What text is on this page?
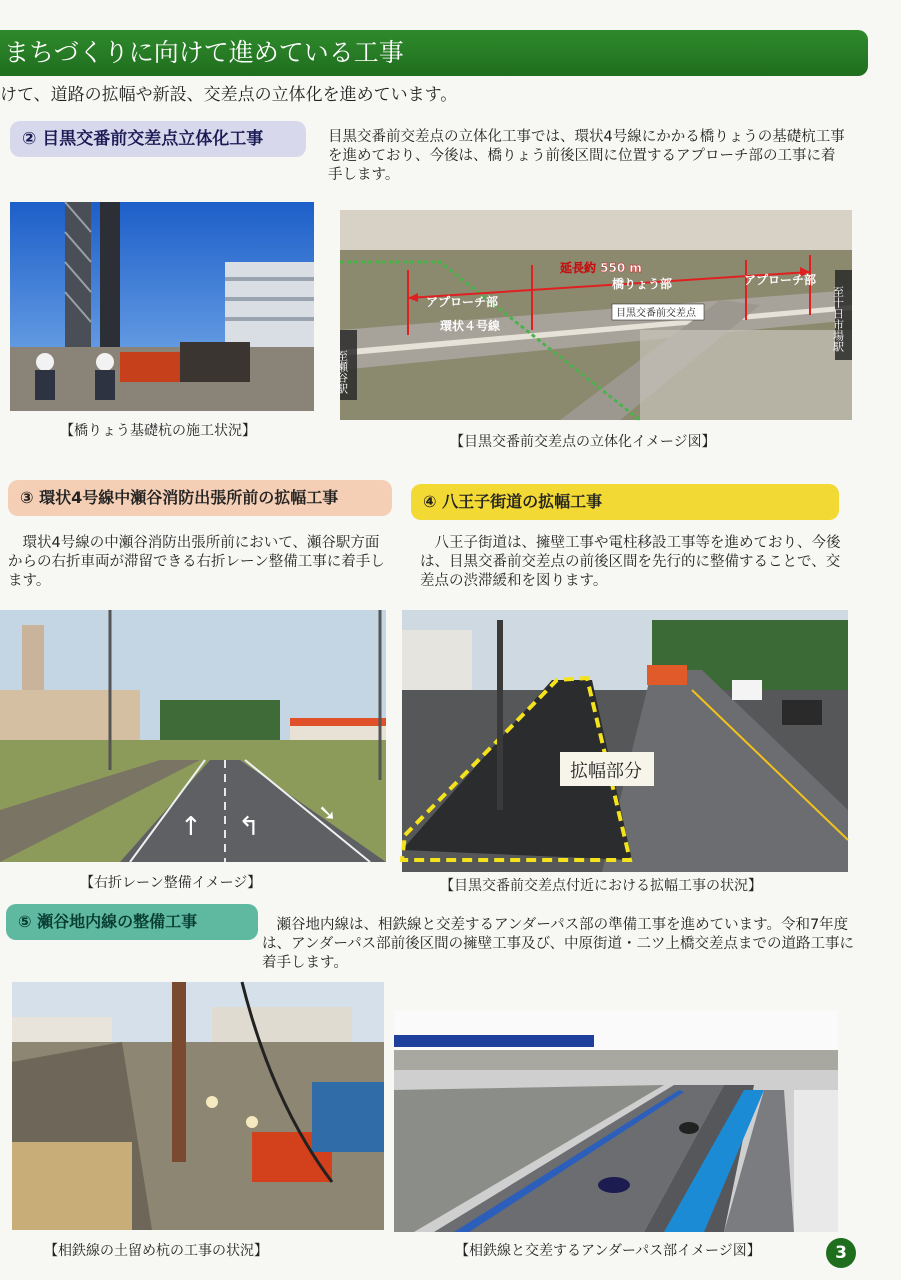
まちづくりに向けて進めている工事
けて、道路の拡幅や新設、交差点の立体化を進めています。
② 目黒交番前交差点立体化工事	目黒交番前交差点の立体化工事では、環状4号線にかかる橋りょうの基礎杭工事を進めており、今後は、橋りょう前後区間に位置するアプローチ部の工事に着手します。
【橋りょう基礎杭の施工状況】
延長約 550 m
アプローチ部
アプローチ部
橋りょう部
目黒交番前交差点
環状４号線
至瀬谷駅
至十日市場駅
【目黒交番前交差点の立体化イメージ図】
③ 環状4号線中瀬谷消防出張所前の拡幅工事
環状4号線の中瀬谷消防出張所前において、瀬谷駅方面からの右折車両が滞留できる右折レーン整備工事に着手します。
↑ ↰	➘
【右折レーン整備イメージ】
④ 八王子街道の拡幅工事
八王子街道は、擁壁工事や電柱移設工事等を進めており、今後は、目黒交番前交差点の前後区間を先行的に整備することで、交差点の渋滞緩和を図ります。
拡幅部分
【目黒交番前交差点付近における拡幅工事の状況】
⑤ 瀬谷地内線の整備工事	瀬谷地内線は、相鉄線と交差するアンダーパス部の準備工事を進めています。令和7年度は、アンダーパス部前後区間の擁壁工事及び、中原街道・二ツ上橋交差点までの道路工事に着手します。
【相鉄線の土留め杭の工事の状況】	【相鉄線と交差するアンダーパス部イメージ図】	3
